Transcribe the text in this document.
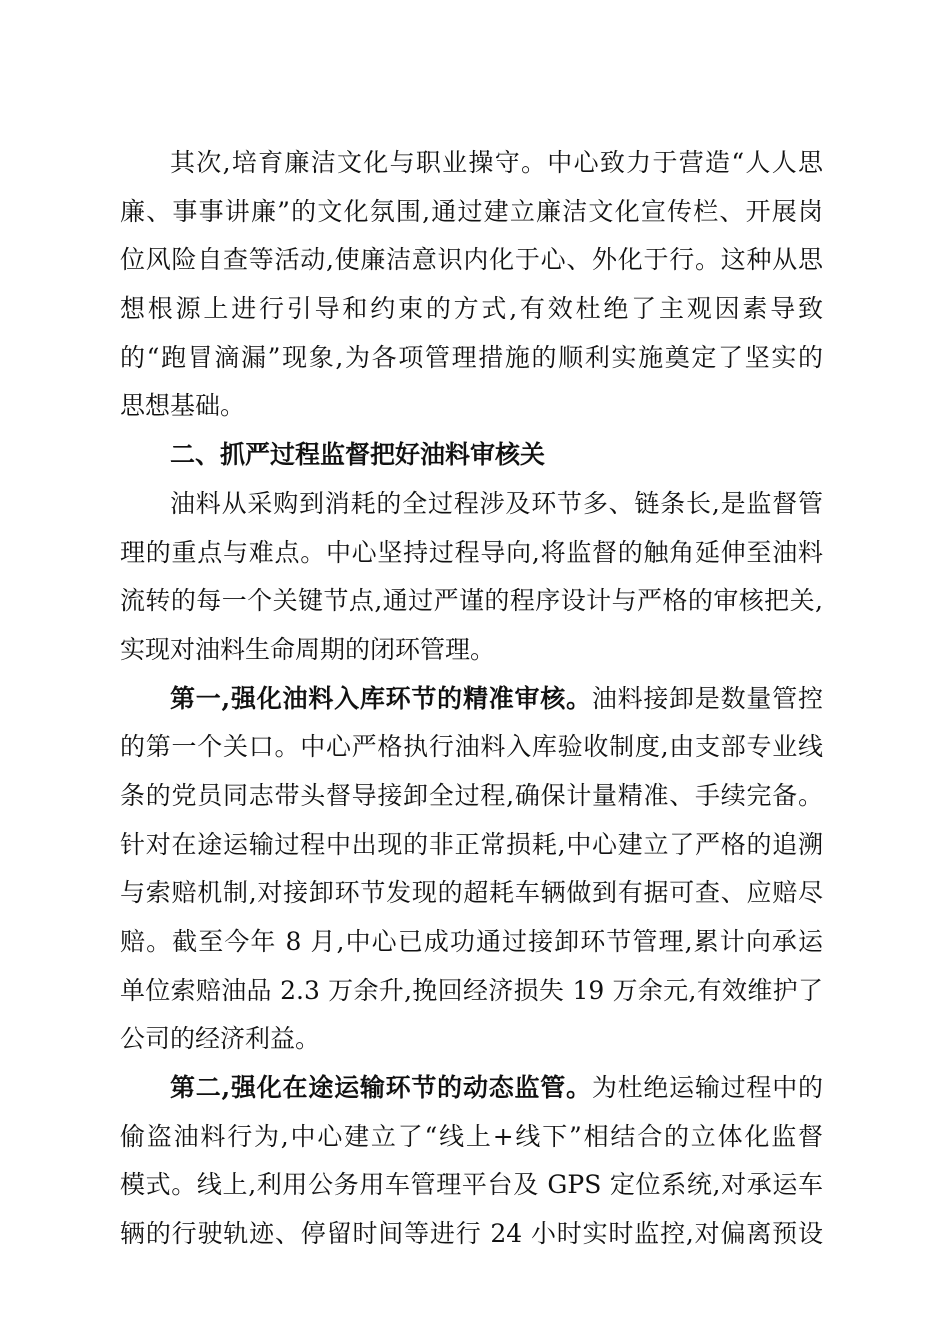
其次,培育廉洁文化与职业操守。中心致力于营造“人人思
廉、事事讲廉”的文化氛围,通过建立廉洁文化宣传栏、开展岗
位风险自查等活动,使廉洁意识内化于心、外化于行。这种从思
想根源上进行引导和约束的方式,有效杜绝了主观因素导致
的“跑冒滴漏”现象,为各项管理措施的顺利实施奠定了坚实的
思想基础。
二、抓严过程监督把好油料审核关
油料从采购到消耗的全过程涉及环节多、链条长,是监督管
理的重点与难点。中心坚持过程导向,将监督的触角延伸至油料
流转的每一个关键节点,通过严谨的程序设计与严格的审核把关,
实现对油料生命周期的闭环管理。
第一,强化油料入库环节的精准审核。油料接卸是数量管控
的第一个关口。中心严格执行油料入库验收制度,由支部专业线
条的党员同志带头督导接卸全过程,确保计量精准、手续完备。
针对在途运输过程中出现的非正常损耗,中心建立了严格的追溯
与索赔机制,对接卸环节发现的超耗车辆做到有据可查、应赔尽
赔。截至今年 8 月,中心已成功通过接卸环节管理,累计向承运
单位索赔油品 2.3 万余升,挽回经济损失 19 万余元,有效维护了
公司的经济利益。
第二,强化在途运输环节的动态监管。为杜绝运输过程中的
偷盗油料行为,中心建立了“线上+线下”相结合的立体化监督
模式。线上,利用公务用车管理平台及 GPS 定位系统,对承运车
辆的行驶轨迹、停留时间等进行 24 小时实时监控,对偏离预设
